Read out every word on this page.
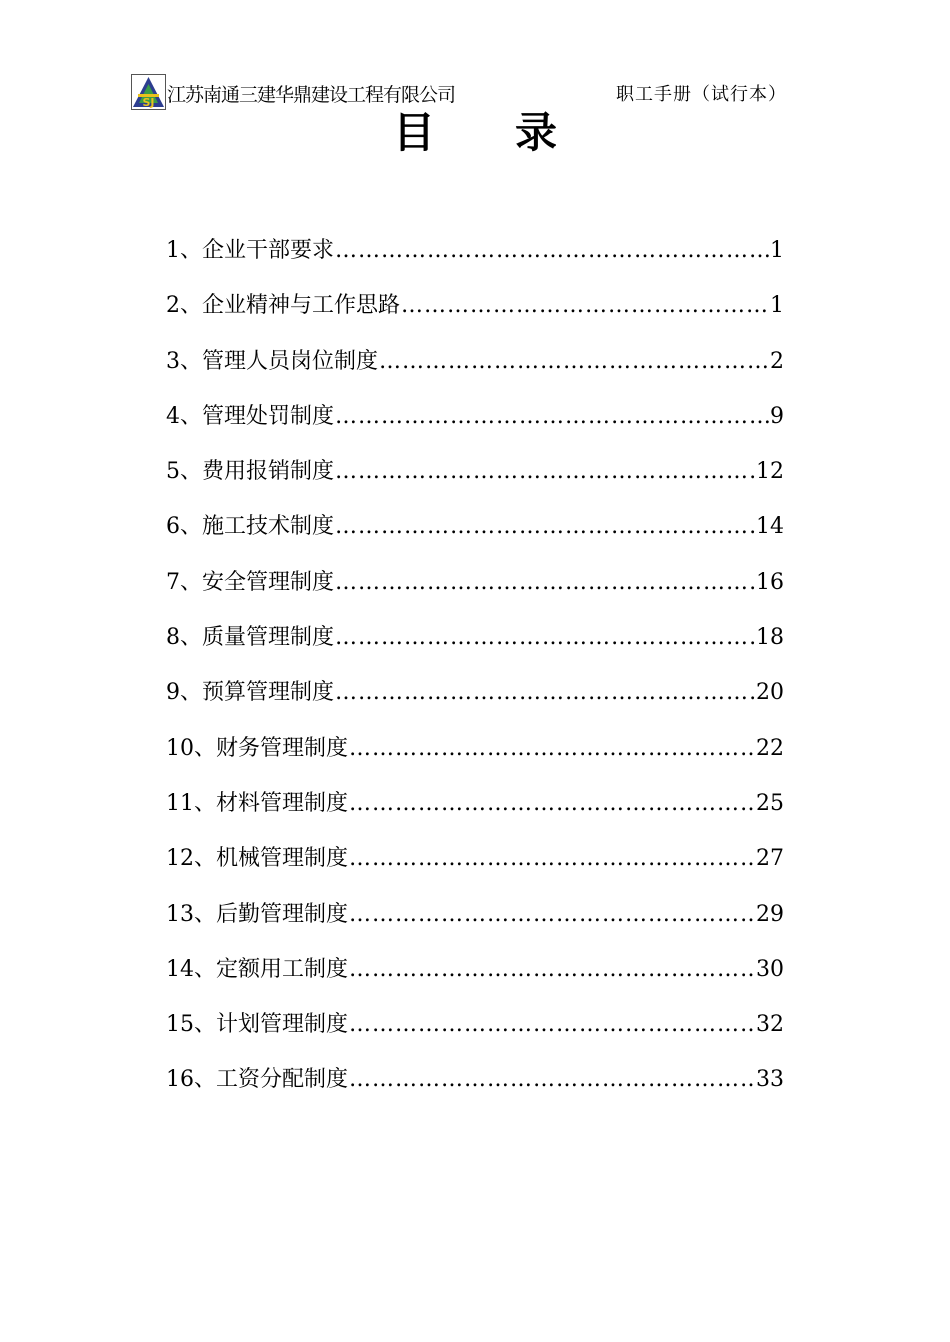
SJ 江苏南通三建华鼎建设工程有限公司	职工手册（试行本）
目 录
1、 企业干部要求 …………………………………………………………………………………………………………………………	1
2、 企业精神与工作思路 …………………………………………………………………………………………………………………………	1
3、 管理人员岗位制度 …………………………………………………………………………………………………………………………	2
4、 管理处罚制度 …………………………………………………………………………………………………………………………	9
5、 费用报销制度 …………………………………………………………………………………………………………………………	12
6、 施工技术制度 …………………………………………………………………………………………………………………………	14
7、 安全管理制度 …………………………………………………………………………………………………………………………	16
8、 质量管理制度 …………………………………………………………………………………………………………………………	18
9、 预算管理制度 …………………………………………………………………………………………………………………………	20
10、 财务管理制度 …………………………………………………………………………………………………………………………	22
11、 材料管理制度 …………………………………………………………………………………………………………………………	25
12、 机械管理制度 …………………………………………………………………………………………………………………………	27
13、 后勤管理制度 …………………………………………………………………………………………………………………………	29
14、 定额用工制度 …………………………………………………………………………………………………………………………	30
15、 计划管理制度 …………………………………………………………………………………………………………………………	32
16、 工资分配制度 …………………………………………………………………………………………………………………………	33
